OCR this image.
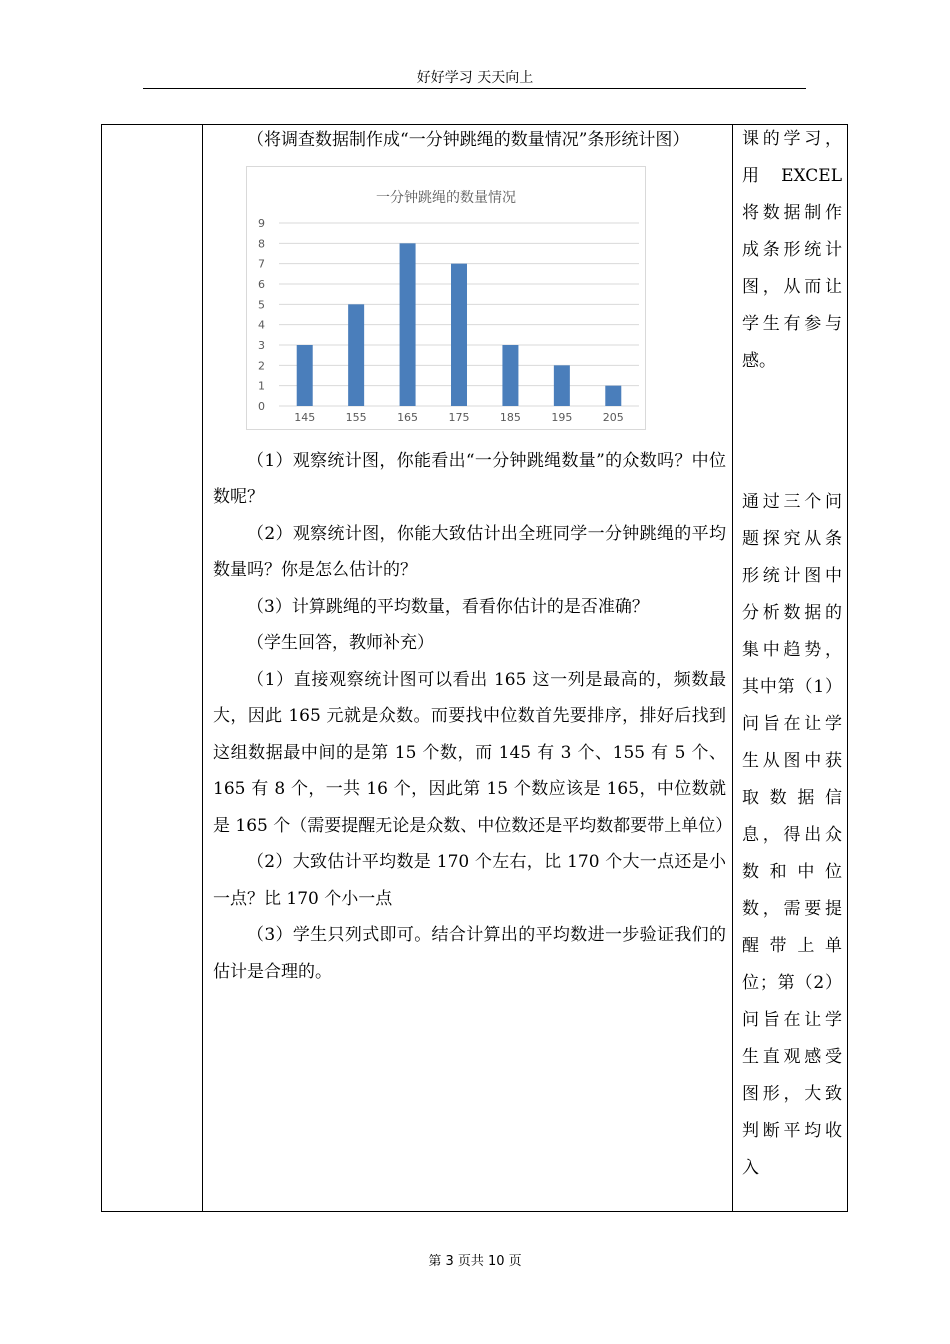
好好学习 天天向上

（将调查数据制作成“一分钟跳绳的数量情况”条形统计图）

一分钟跳绳的数量情况
0
1
2
3
4
5
6
7
8
9
145	155	165	175	185	195	205

（1）观察统计图，你能看出“一分钟跳绳数量”的众数吗？中位数呢？

（2）观察统计图，你能大致估计出全班同学一分钟跳绳的平均数量吗？你是怎么估计的？

（3）计算跳绳的平均数量，看看你估计的是否准确？

（学生回答，教师补充）

（1）直接观察统计图可以看出 165 这一列是最高的，频数最大，因此 165 元就是众数。而要找中位数首先要排序，排好后找到这组数据最中间的是第 15 个数，而 145 有 3 个、155 有 5 个、165 有 8 个，一共 16 个，因此第 15 个数应该是 165，中位数就是 165 个（需要提醒无论是众数、中位数还是平均数都要带上单位）

（2）大致估计平均数是 170 个左右，比 170 个大一点还是小一点？比 170 个小一点

（3）学生只列式即可。结合计算出的平均数进一步验证我们的估计是合理的。

课的学习，用 EXCEL 将数据制作成条形统计图，从而让学生有参与感。

通过三个问题探究从条形统计图中分析数据的集中趋势，其中第（1）问旨在让学生从图中获取数据信息，得出众数和中位数，需要提醒带上单位；第（2）问旨在让学生直观感受图形，大致判断平均收入

第 3 页共 10 页
